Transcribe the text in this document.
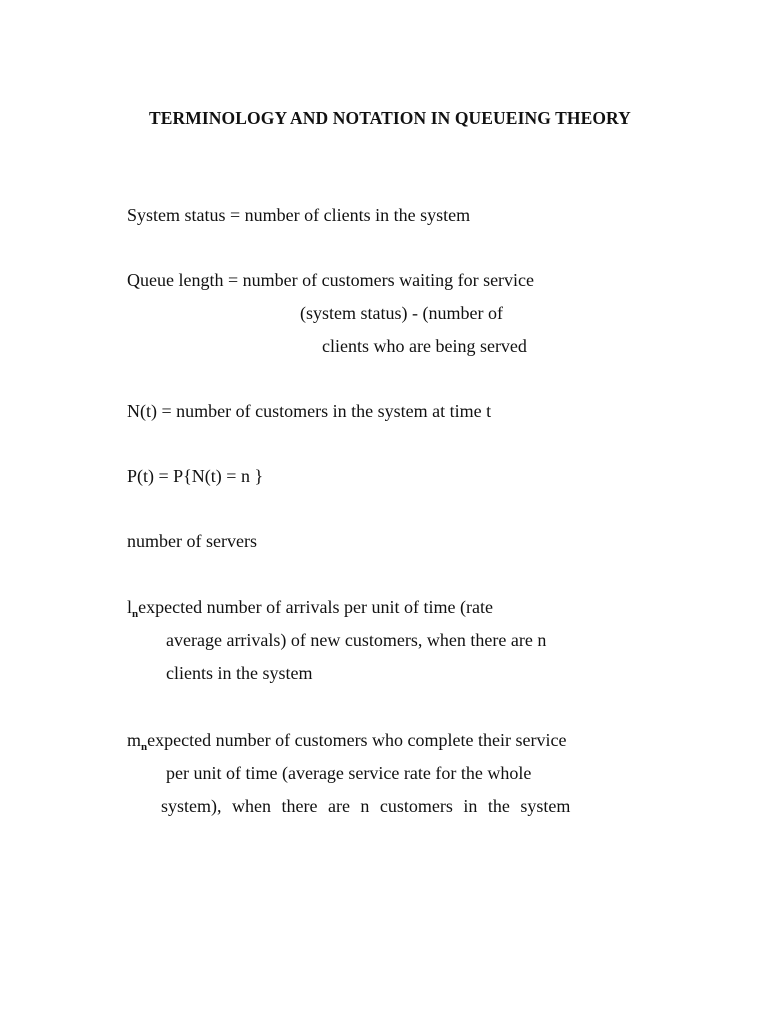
TERMINOLOGY AND NOTATION IN QUEUEING THEORY
System status = number of clients in the system
Queue length = number of customers waiting for service
(system status) - (number of
clients who are being served
N(t) = number of customers in the system at time t
P(t) = P{N(t) = n }
number of servers
$l_nexpected$ number of arrivals per unit of time (rate
average arrivals) of new customers, when there are n
clients in the system
$m_nexpected$ number of customers who complete their service
per unit of time (average service rate for the whole
system), when there are n customers in the system
